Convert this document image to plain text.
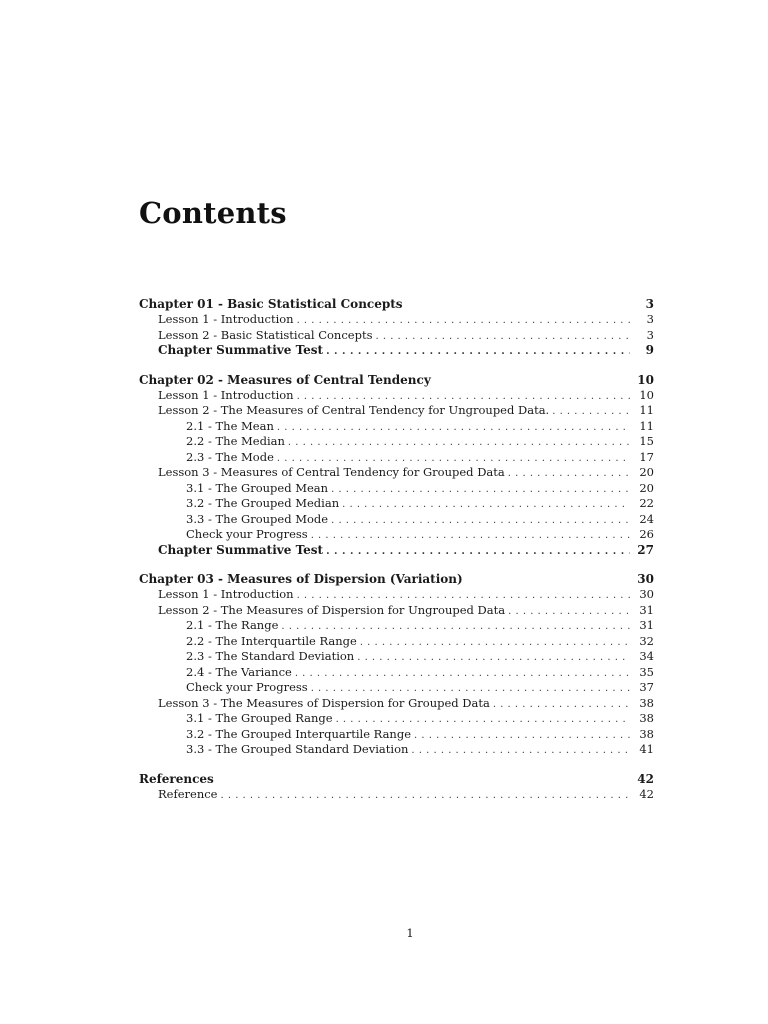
Contents
Chapter 01 - Basic Statistical Concepts	3
Lesson 1 - Introduction . . .	3
Lesson 2 - Basic Statistical Concepts . . .	3
Chapter Summative Test . . .	9
Chapter 02 - Measures of Central Tendency	10
Lesson 1 - Introduction . . .	10
Lesson 2 - The Measures of Central Tendency for Ungrouped Data. . . .	11
2.1 - The Mean . . .	11
2.2 - The Median . . .	15
2.3 - The Mode . . .	17
Lesson 3 - Measures of Central Tendency for Grouped Data . . .	20
3.1 - The Grouped Mean . . .	20
3.2 - The Grouped Median . . .	22
3.3 - The Grouped Mode . . .	24
Check your Progress . . .	26
Chapter Summative Test . . .	27
Chapter 03 - Measures of Dispersion (Variation)	30
Lesson 1 - Introduction . . .	30
Lesson 2 - The Measures of Dispersion for Ungrouped Data . . .	31
2.1 - The Range . . .	31
2.2 - The Interquartile Range . . .	32
2.3 - The Standard Deviation . . .	34
2.4 - The Variance . . .	35
Check your Progress . . .	37
Lesson 3 - The Measures of Dispersion for Grouped Data . . .	38
3.1 - The Grouped Range . . .	38
3.2 - The Grouped Interquartile Range . . .	38
3.3 - The Grouped Standard Deviation . . .	41
References	42
Reference . . .	42
1
